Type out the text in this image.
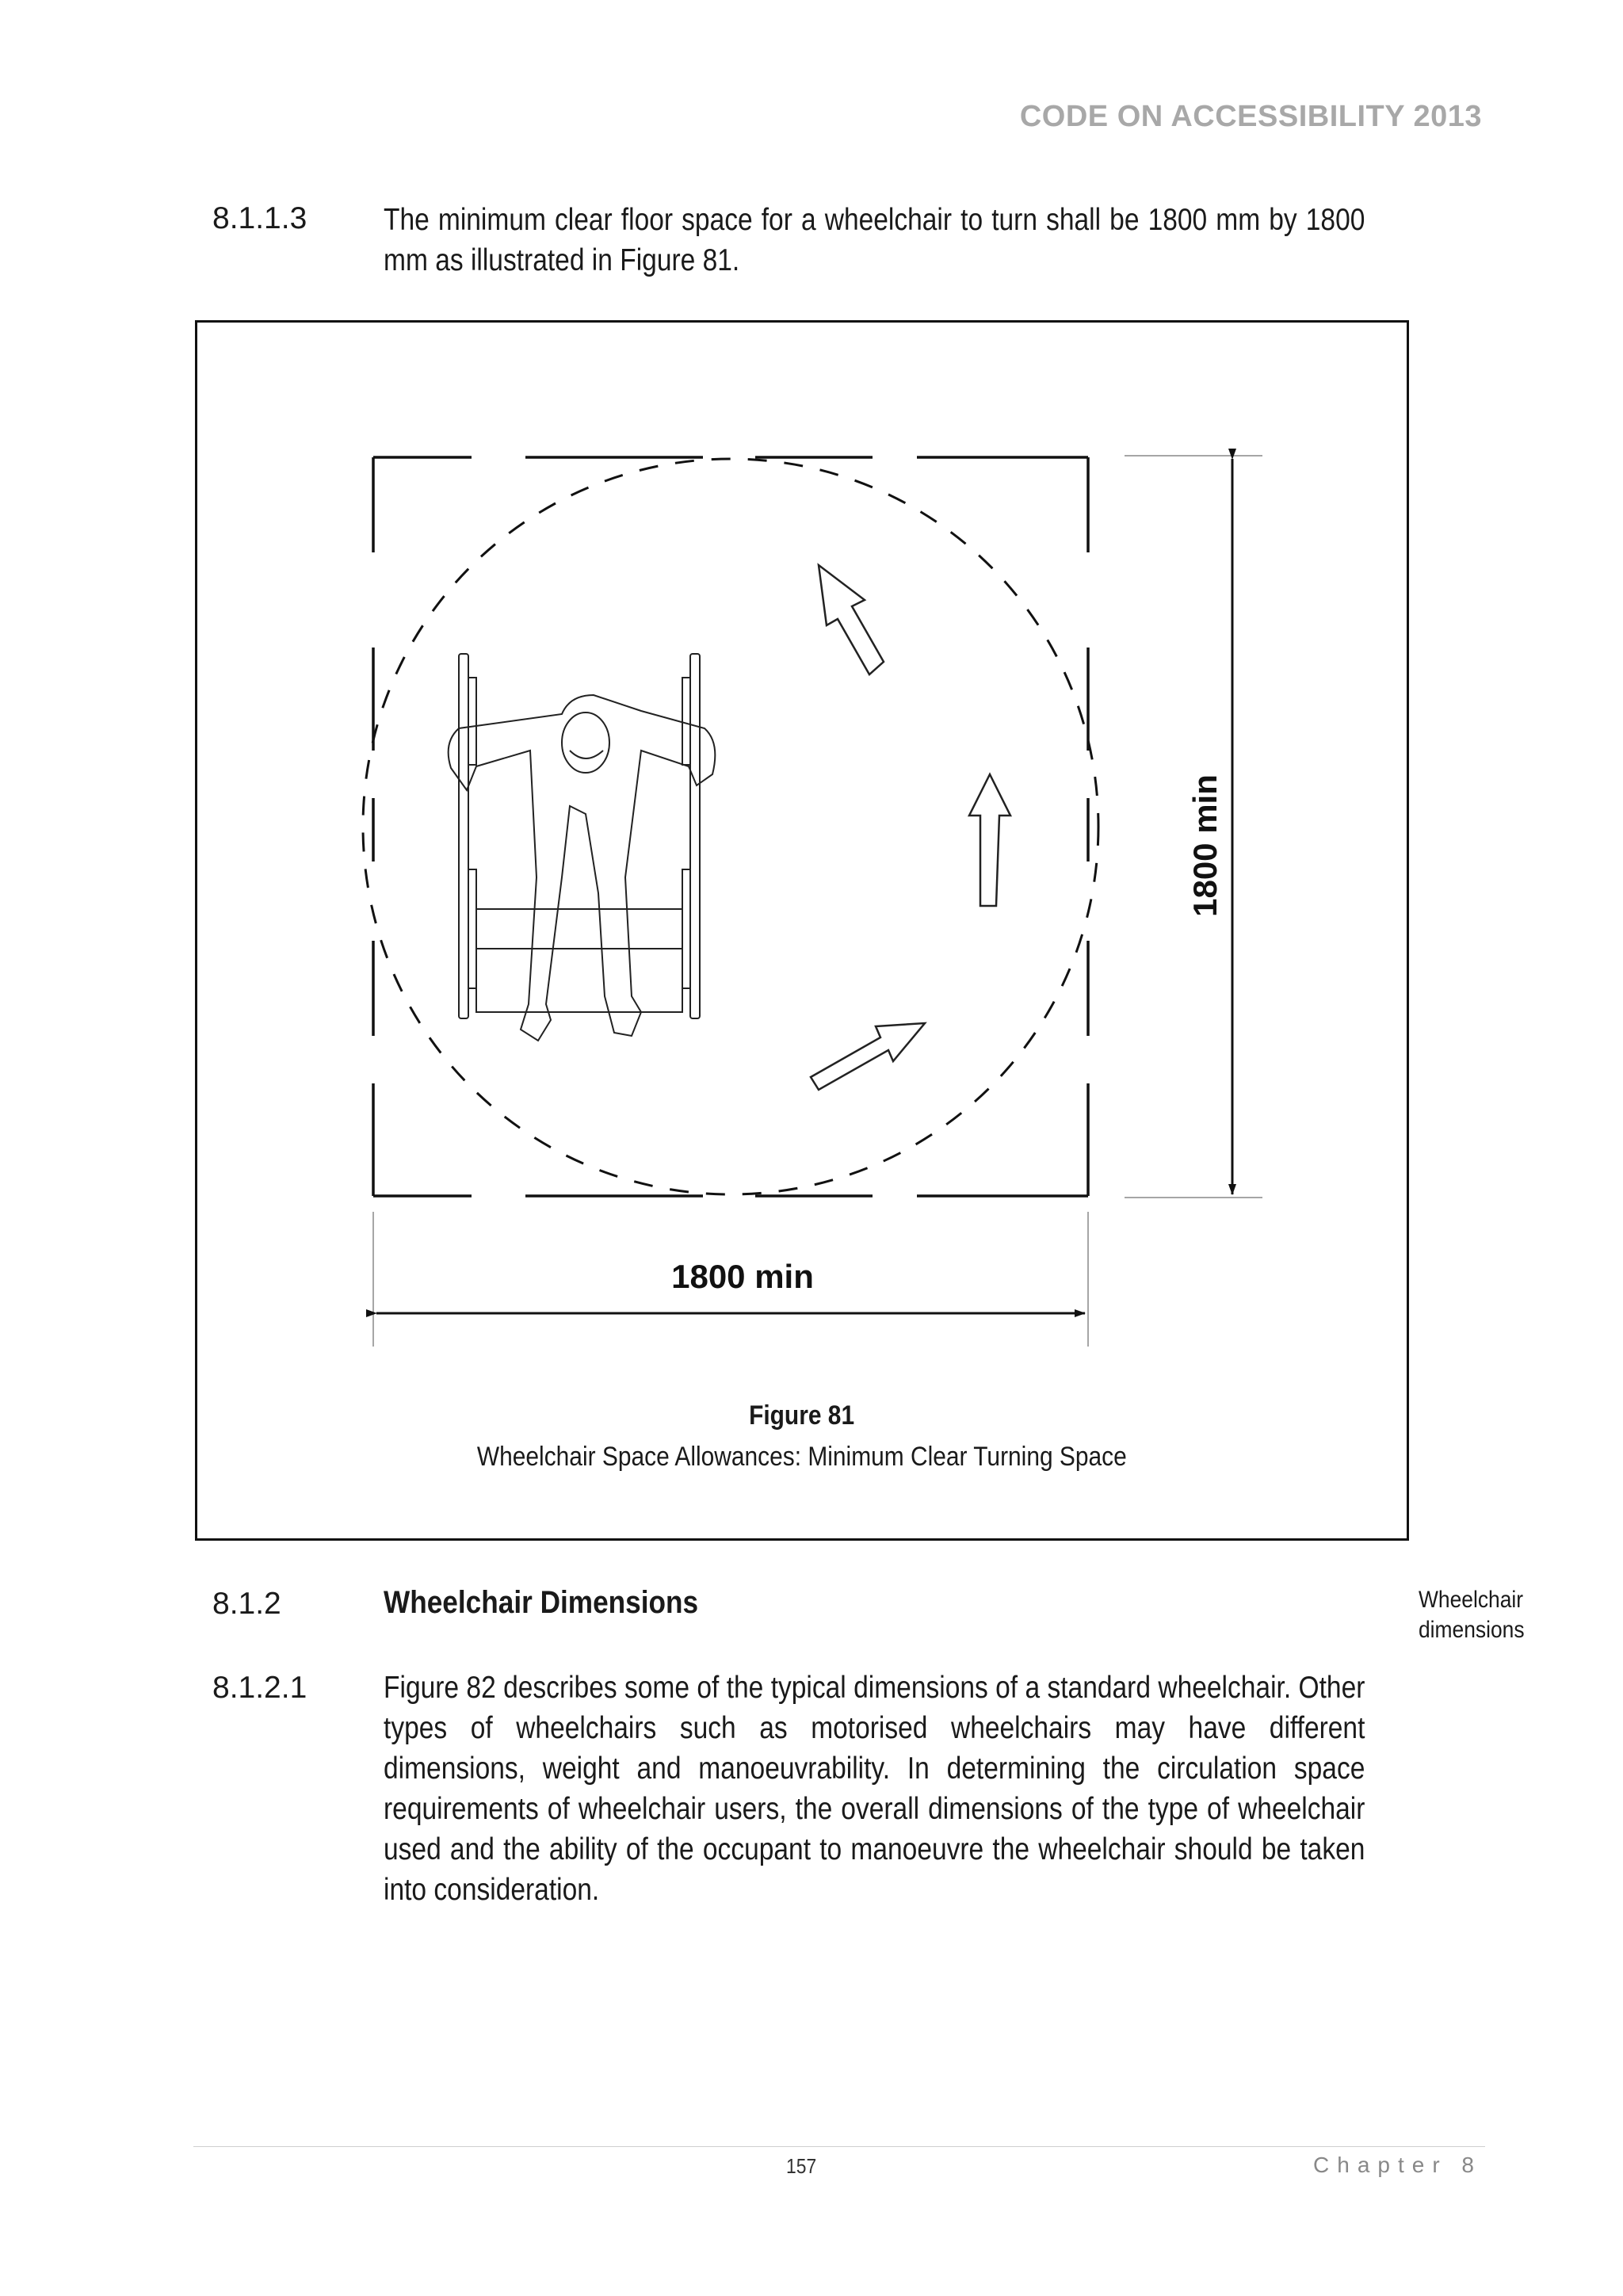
CODE ON ACCESSIBILITY 2013
8.1.1.3 The minimum clear floor space for a wheelchair to turn shall be 1800 mm by 1800 mm as illustrated in Figure 81.
1800 min
1800 min
Figure 81
Wheelchair Space Allowances: Minimum Clear Turning Space
8.1.2	Wheelchair Dimensions	Wheelchair
dimensions
8.1.2.1 Figure 82 describes some of the typical dimensions of a standard wheelchair. Other types of wheelchairs such as motorised wheelchairs may have different dimensions, weight and manoeuvrability. In determining the circulation space requirements of wheelchair users, the overall dimensions of the type of wheelchair used and the ability of the occupant to manoeuvre the wheelchair should be taken into consideration.
157	Chapter 8
